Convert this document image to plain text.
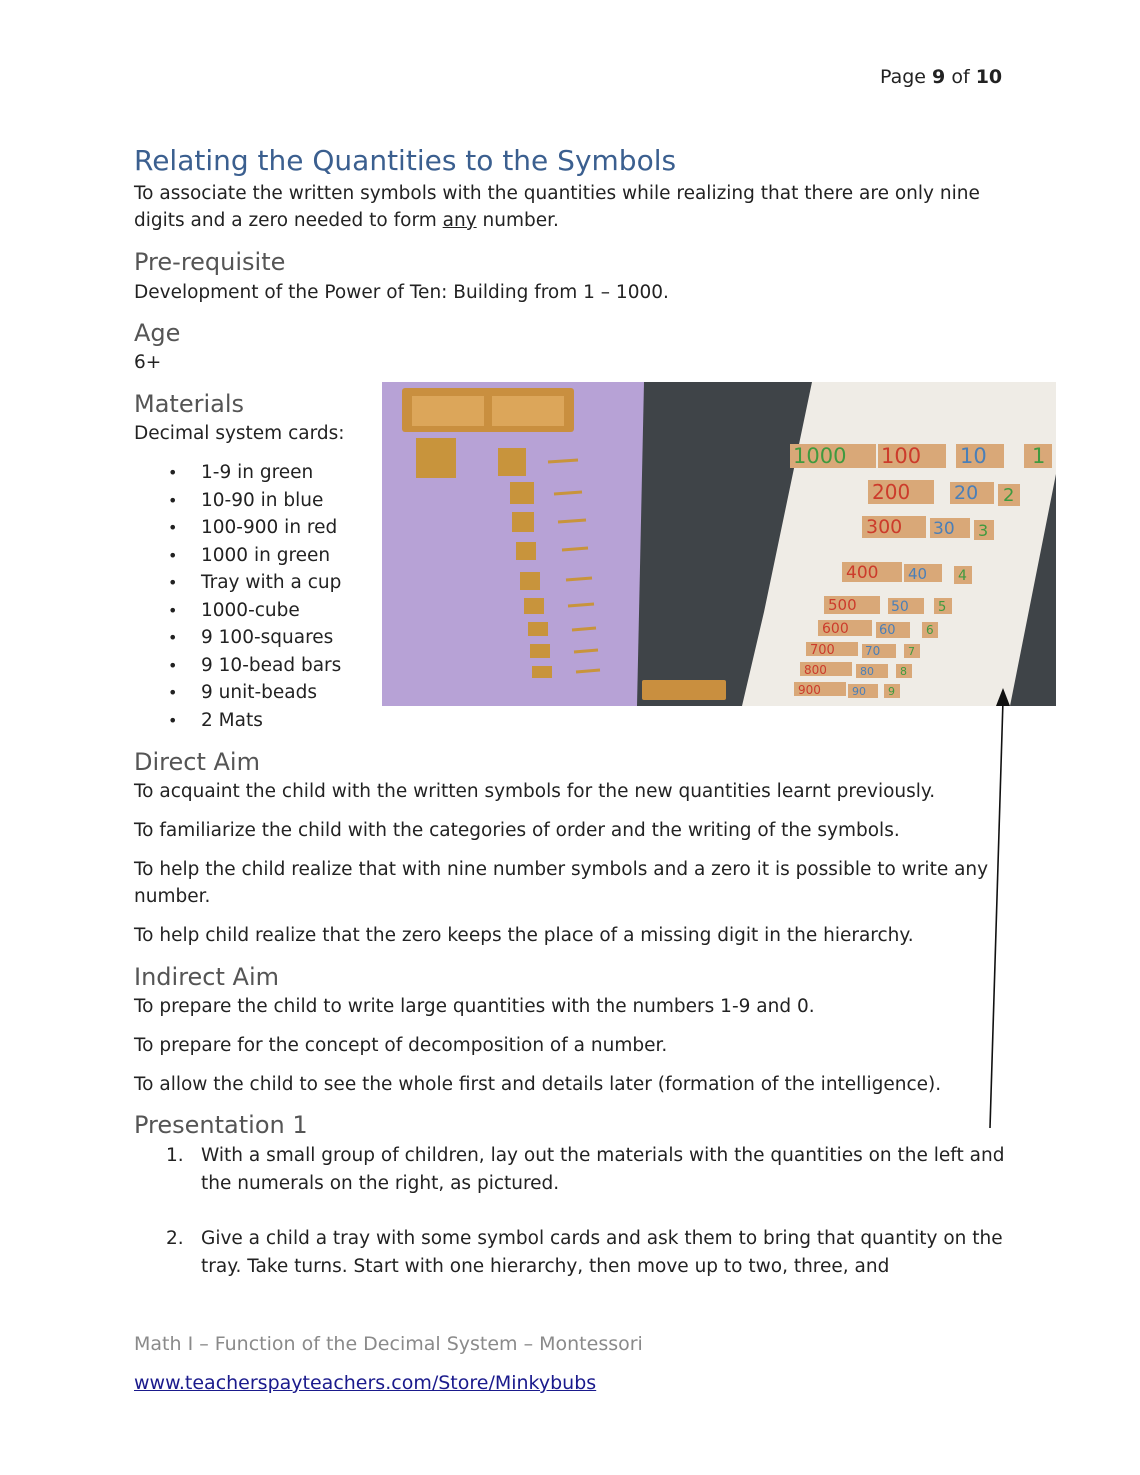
Page 9 of 10
Relating the Quantities to the Symbols
To associate the written symbols with the quantities while realizing that there are only nine digits and a zero needed to form any number.
Pre-requisite
Development of the Power of Ten: Building from 1 – 1000.
Age
6+
Materials
Decimal system cards:
• 1-9 in green
• 10-90 in blue
• 100-900 in red
• 1000 in green
• Tray with a cup
• 1000-cube
• 9 100-squares
• 9 10-bead bars
• 9 unit-beads
• 2 Mats
1000 100 10 1
200 20 2
300 30 3
400 40 4
500 50 5
600 60	6
700	70	7
800	80 8
900	90 9
Direct Aim
To acquaint the child with the written symbols for the new quantities learnt previously.
To familiarize the child with the categories of order and the writing of the symbols.
To help the child realize that with nine number symbols and a zero it is possible to write any number.
To help child realize that the zero keeps the place of a missing digit in the hierarchy.
Indirect Aim
To prepare the child to write large quantities with the numbers 1-9 and 0.
To prepare for the concept of decomposition of a number.
To allow the child to see the whole first and details later (formation of the intelligence).
Presentation 1
1. With a small group of children, lay out the materials with the quantities on the left and the numerals on the right, as pictured.
2. Give a child a tray with some symbol cards and ask them to bring that quantity on the tray. Take turns. Start with one hierarchy, then move up to two, three, and
Math I – Function of the Decimal System – Montessori
www.teacherspayteachers.com/Store/Minkybubs
